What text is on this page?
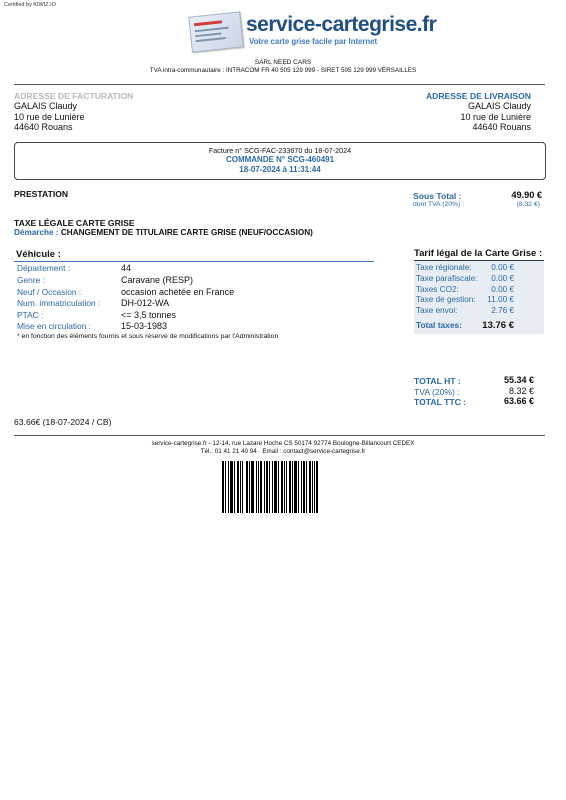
Certified by KIWIZ.IO
service-cartegrise.fr
Votre carte grise facile par Internet
SARL NEED CARS
TVA intra-communautaire : INTRACOM FR 40 505 129 999 - SIRET 505 129 999 VERSAILLES
ADRESSE DE FACTURATION
GALAIS Claudy
10 rue de Lunière
44640 Rouans
ADRESSE DE LIVRAISON
GALAIS Claudy
10 rue de Lunière
44640 Rouans
Facture n° SCG-FAC-233670 du 18-07-2024
COMMANDE N° SCG-460491
18-07-2024 à 11:31:44
PRESTATION	Sous Total :	49.90 €
dont TVA (20%) :	(8.32 €)
TAXE LÉGALE CARTE GRISE
Démarche : CHANGEMENT DE TITULAIRE CARTE GRISE (NEUF/OCCASION)
Véhicule :
Département :	44
Genre :	Caravane (RESP)
Neuf / Occasion :	occasion achetée en France
Num. immatriculation : DH-012-WA
PTAC :	<= 3,5 tonnes
Mise en circulation :	15-03-1983
* en fonction des éléments fournis et sous réserve de modifications par l'Administration
Tarif légal de la Carte Grise :
Taxe régionale:	0.00 €
Taxe parafiscale:	0.00 €
Taxes CO2:	0.00 €
Taxe de gestion:	11.00 €
Taxe envoi:	2.76 €
Total taxes:	13.76 €
TOTAL HT :	55.34 €
TVA (20%) :	8.32 €
TOTAL TTC :	63.66 €
63.66€ (18-07-2024 / CB)
service-cartegrise.fr - 12-14, rue Lazare Hoche CS 50174 92774 Boulogne-Billancourt CEDEX
Tél.: 01 41 21 40 94 · Email : contact@service-cartegrise.fr
